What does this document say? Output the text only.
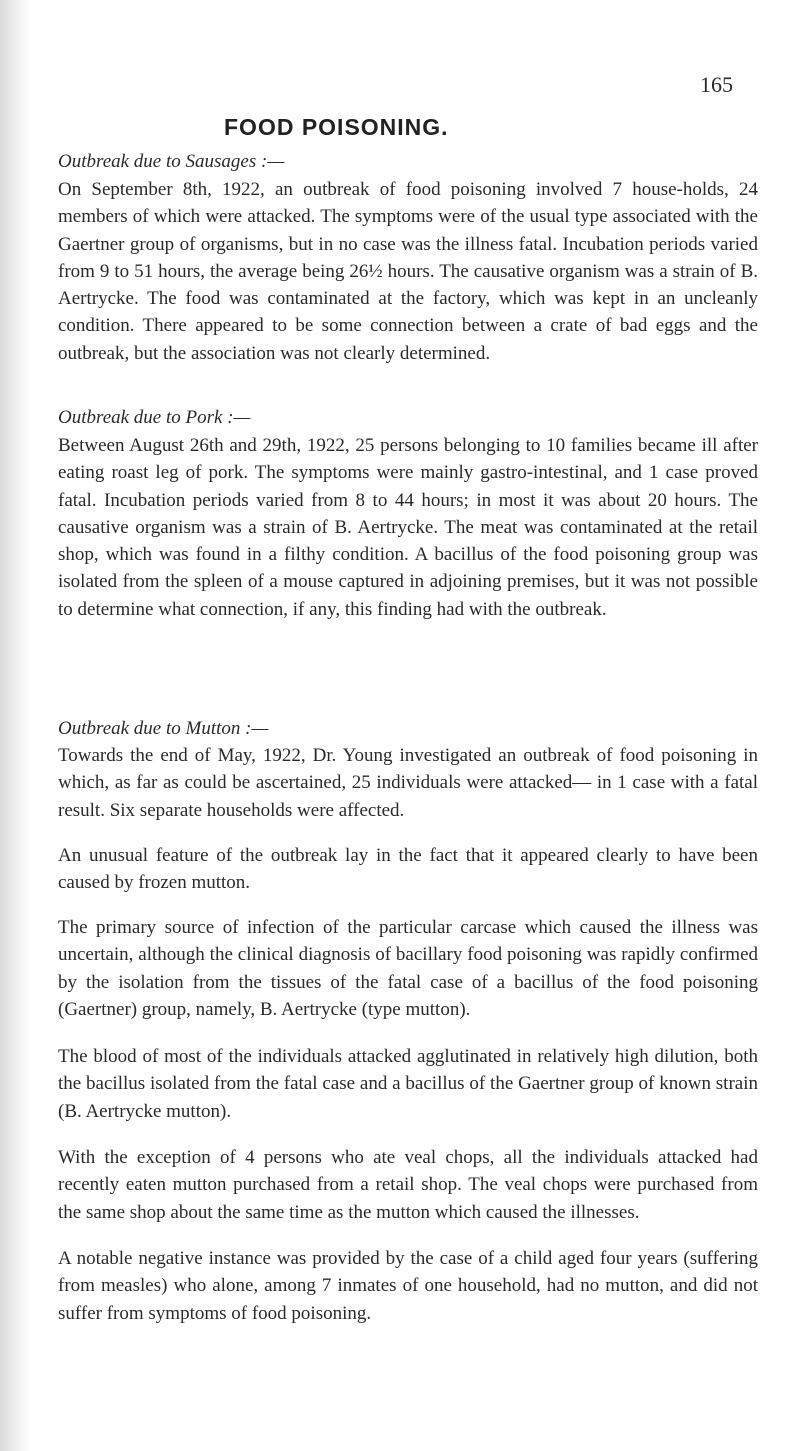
165
FOOD POISONING.

Outbreak due to Sausages :—

On September 8th, 1922, an outbreak of food poisoning involved 7 house-holds, 24 members of which were attacked. The symptoms were of the usual type associated with the Gaertner group of organisms, but in no case was the illness fatal. Incubation periods varied from 9 to 51 hours, the average being 26½ hours. The causative organism was a strain of B. Aertrycke. The food was contaminated at the factory, which was kept in an uncleanly condition. There appeared to be some connection between a crate of bad eggs and the outbreak, but the association was not clearly determined.

Outbreak due to Pork :—

Between August 26th and 29th, 1922, 25 persons belonging to 10 families became ill after eating roast leg of pork. The symptoms were mainly gastro-intestinal, and 1 case proved fatal. Incubation periods varied from 8 to 44 hours; in most it was about 20 hours. The causative organism was a strain of B. Aertrycke. The meat was contaminated at the retail shop, which was found in a filthy condition. A bacillus of the food poisoning group was isolated from the spleen of a mouse captured in adjoining premises, but it was not possible to determine what connection, if any, this finding had with the outbreak.

Outbreak due to Mutton :—

Towards the end of May, 1922, Dr. Young investigated an outbreak of food poisoning in which, as far as could be ascertained, 25 individuals were attacked— in 1 case with a fatal result. Six separate households were affected.

An unusual feature of the outbreak lay in the fact that it appeared clearly to have been caused by frozen mutton.

The primary source of infection of the particular carcase which caused the illness was uncertain, although the clinical diagnosis of bacillary food poisoning was rapidly confirmed by the isolation from the tissues of the fatal case of a bacillus of the food poisoning (Gaertner) group, namely, B. Aertrycke (type mutton).

The blood of most of the individuals attacked agglutinated in relatively high dilution, both the bacillus isolated from the fatal case and a bacillus of the Gaertner group of known strain (B. Aertrycke mutton).

With the exception of 4 persons who ate veal chops, all the individuals attacked had recently eaten mutton purchased from a retail shop. The veal chops were purchased from the same shop about the same time as the mutton which caused the illnesses.

A notable negative instance was provided by the case of a child aged four years (suffering from measles) who alone, among 7 inmates of one household, had no mutton, and did not suffer from symptoms of food poisoning.
